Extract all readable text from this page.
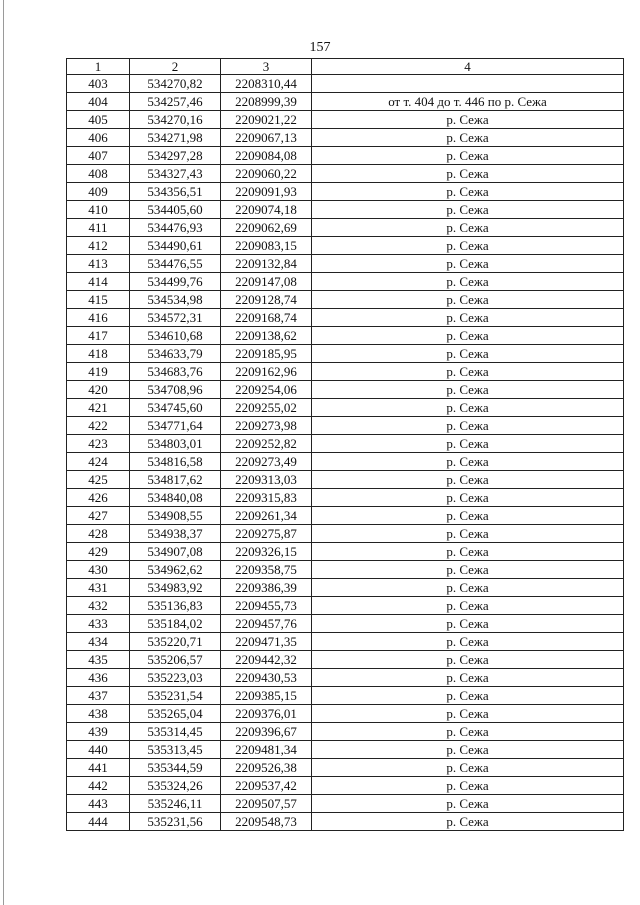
157
1	2	3	4
403	534270,82	2208310,44	
404	534257,46	2208999,39	от т. 404 до т. 446 по р. Сежа
405	534270,16	2209021,22	р. Сежа
406	534271,98	2209067,13	р. Сежа
407	534297,28	2209084,08	р. Сежа
408	534327,43	2209060,22	р. Сежа
409	534356,51	2209091,93	р. Сежа
410	534405,60	2209074,18	р. Сежа
411	534476,93	2209062,69	р. Сежа
412	534490,61	2209083,15	р. Сежа
413	534476,55	2209132,84	р. Сежа
414	534499,76	2209147,08	р. Сежа
415	534534,98	2209128,74	р. Сежа
416	534572,31	2209168,74	р. Сежа
417	534610,68	2209138,62	р. Сежа
418	534633,79	2209185,95	р. Сежа
419	534683,76	2209162,96	р. Сежа
420	534708,96	2209254,06	р. Сежа
421	534745,60	2209255,02	р. Сежа
422	534771,64	2209273,98	р. Сежа
423	534803,01	2209252,82	р. Сежа
424	534816,58	2209273,49	р. Сежа
425	534817,62	2209313,03	р. Сежа
426	534840,08	2209315,83	р. Сежа
427	534908,55	2209261,34	р. Сежа
428	534938,37	2209275,87	р. Сежа
429	534907,08	2209326,15	р. Сежа
430	534962,62	2209358,75	р. Сежа
431	534983,92	2209386,39	р. Сежа
432	535136,83	2209455,73	р. Сежа
433	535184,02	2209457,76	р. Сежа
434	535220,71	2209471,35	р. Сежа
435	535206,57	2209442,32	р. Сежа
436	535223,03	2209430,53	р. Сежа
437	535231,54	2209385,15	р. Сежа
438	535265,04	2209376,01	р. Сежа
439	535314,45	2209396,67	р. Сежа
440	535313,45	2209481,34	р. Сежа
441	535344,59	2209526,38	р. Сежа
442	535324,26	2209537,42	р. Сежа
443	535246,11	2209507,57	р. Сежа
444	535231,56	2209548,73	р. Сежа
